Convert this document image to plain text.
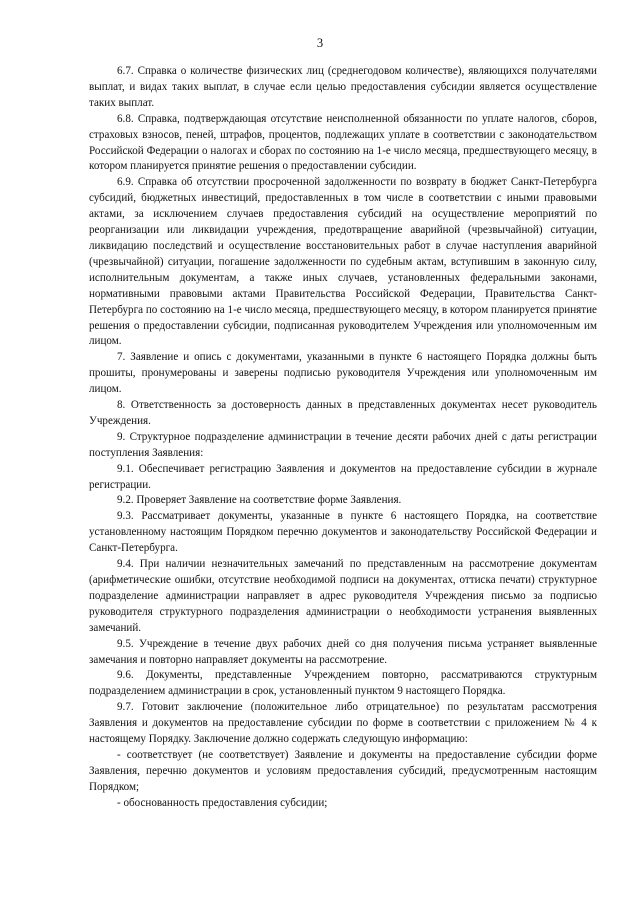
3

6.7. Справка о количестве физических лиц (среднегодовом количестве), являющихся получателями выплат, и видах таких выплат, в случае если целью предоставления субсидии является осуществление таких выплат.

6.8. Справка, подтверждающая отсутствие неисполненной обязанности по уплате налогов, сборов, страховых взносов, пеней, штрафов, процентов, подлежащих уплате в соответствии с законодательством Российской Федерации о налогах и сборах по состоянию на 1-е число месяца, предшествующего месяцу, в котором планируется принятие решения о предоставлении субсидии.

6.9. Справка об отсутствии просроченной задолженности по возврату в бюджет Санкт-Петербурга субсидий, бюджетных инвестиций, предоставленных в том числе в соответствии с иными правовыми актами, за исключением случаев предоставления субсидий на осуществление мероприятий по реорганизации или ликвидации учреждения, предотвращение аварийной (чрезвычайной) ситуации, ликвидацию последствий и осуществление восстановительных работ в случае наступления аварийной (чрезвычайной) ситуации, погашение задолженности по судебным актам, вступившим в законную силу, исполнительным документам, а также иных случаев, установленных федеральными законами, нормативными правовыми актами Правительства Российской Федерации, Правительства Санкт-Петербурга по состоянию на 1-е число месяца, предшествующего месяцу, в котором планируется принятие решения о предоставлении субсидии, подписанная руководителем Учреждения или уполномоченным им лицом.

7. Заявление и опись с документами, указанными в пункте 6 настоящего Порядка должны быть прошиты, пронумерованы и заверены подписью руководителя Учреждения или уполномоченным им лицом.

8. Ответственность за достоверность данных в представленных документах несет руководитель Учреждения.

9. Структурное подразделение администрации в течение десяти рабочих дней с даты регистрации поступления Заявления:

9.1. Обеспечивает регистрацию Заявления и документов на предоставление субсидии в журнале регистрации.

9.2. Проверяет Заявление на соответствие форме Заявления.

9.3. Рассматривает документы, указанные в пункте 6 настоящего Порядка, на соответствие установленному настоящим Порядком перечню документов и законодательству Российской Федерации и Санкт-Петербурга.

9.4. При наличии незначительных замечаний по представленным на рассмотрение документам (арифметические ошибки, отсутствие необходимой подписи на документах, оттиска печати) структурное подразделение администрации направляет в адрес руководителя Учреждения письмо за подписью руководителя структурного подразделения администрации о необходимости устранения выявленных замечаний.

9.5. Учреждение в течение двух рабочих дней со дня получения письма устраняет выявленные замечания и повторно направляет документы на рассмотрение.

9.6. Документы, представленные Учреждением повторно, рассматриваются структурным подразделением администрации в срок, установленный пунктом 9 настоящего Порядка.

9.7. Готовит заключение (положительное либо отрицательное) по результатам рассмотрения Заявления и документов на предоставление субсидии по форме в соответствии с приложением № 4 к настоящему Порядку. Заключение должно содержать следующую информацию:

- соответствует (не соответствует) Заявление и документы на предоставление субсидии форме Заявления, перечню документов и условиям предоставления субсидий, предусмотренным настоящим Порядком;

- обоснованность предоставления субсидии;
